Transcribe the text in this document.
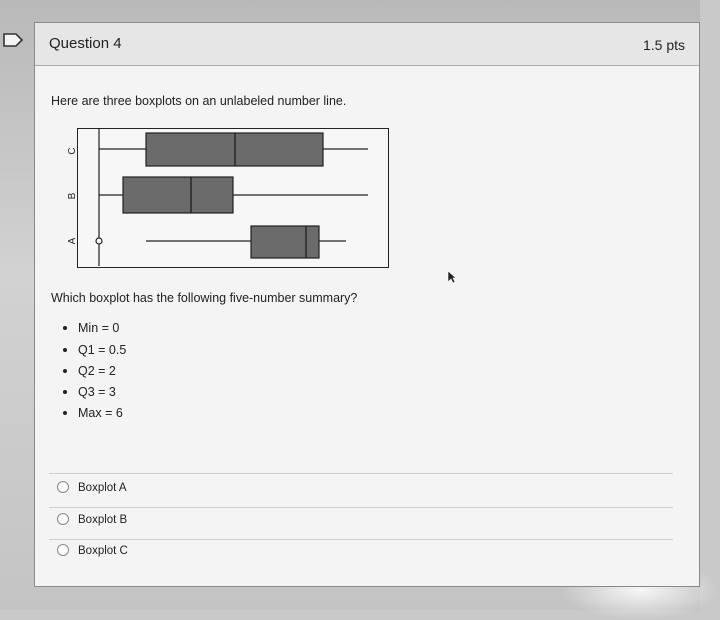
Question 4	1.5 pts
Here are three boxplots on an unlabeled number line.
C
B
A
Which boxplot has the following five-number summary?
Min = 0
Q1 = 0.5
Q2 = 2
Q3 = 3
Max = 6
Boxplot A
Boxplot B
Boxplot C
